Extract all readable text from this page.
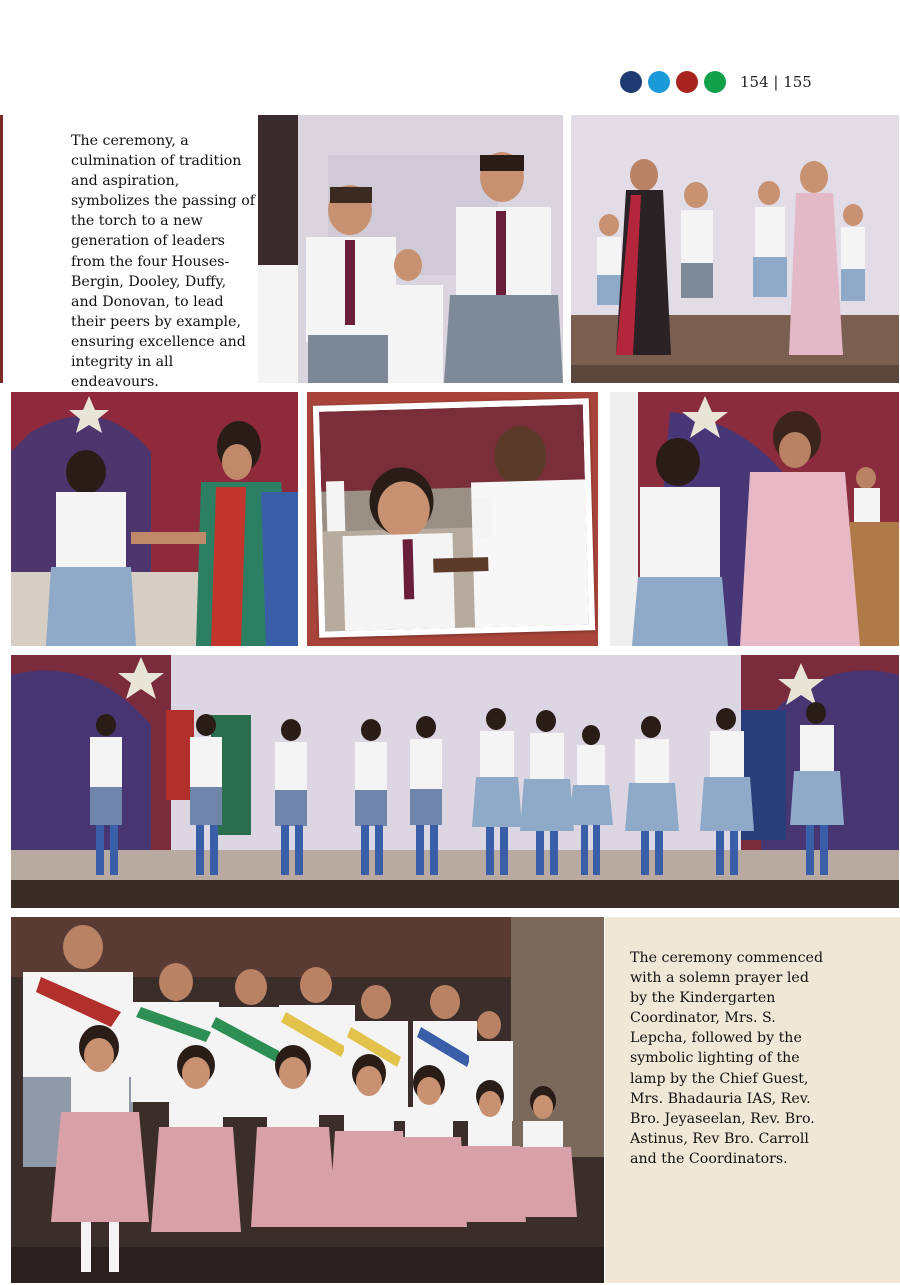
154 | 155

The ceremony, a culmination of tradition and aspiration, symbolizes the passing of the torch to a new generation of leaders from the four Houses- Bergin, Dooley, Duffy, and Donovan, to lead their peers by example, ensuring excellence and integrity in all endeavours.

The ceremony commenced with a solemn prayer led by the Kindergarten Coordinator, Mrs. S. Lepcha, followed by the symbolic lighting of the lamp by the Chief Guest, Mrs. Bhadauria IAS, Rev. Bro. Jeyaseelan, Rev. Bro. Astinus, Rev Bro. Carroll and the Coordinators.
